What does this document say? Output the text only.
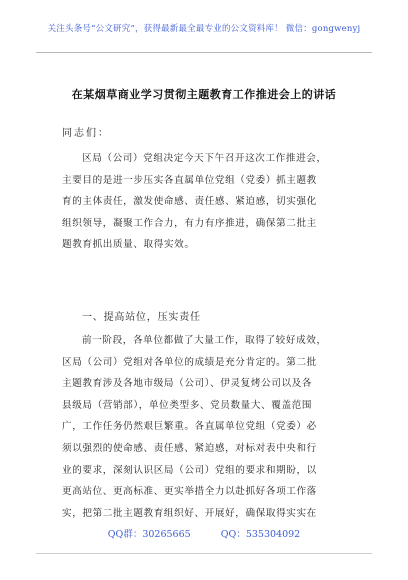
关注头条号“公文研究”，获得最新最全最专业的公文资料库！ 微信：gongwenyj
在某烟草商业学习贯彻主题教育工作推进会上的讲话
同志们：
区局（公司）党组决定今天下午召开这次工作推进会，
主要目的是进一步压实各直属单位党组（党委）抓主题教
育的主体责任，激发使命感、责任感、紧迫感，切实强化
组织领导，凝聚工作合力，有力有序推进，确保第二批主
题教育抓出质量、取得实效。
一、提高站位，压实责任
前一阶段，各单位都做了大量工作，取得了较好成效，
区局（公司）党组对各单位的成绩是充分肯定的。第二批
主题教育涉及各地市级局（公司）、伊灵复烤公司以及各
县级局（营销部），单位类型多、党员数量大、覆盖范围
广，工作任务仍然艰巨繁重。各直属单位党组（党委）必
须以强烈的使命感、责任感、紧迫感，对标对表中央和行
业的要求，深刻认识区局（公司）党组的要求和期盼，以
更高站位、更高标准、更实举措全力以赴抓好各项工作落
实，把第二批主题教育组织好、开展好，确保取得实实在
QQ群：30265665	QQ：535304092
